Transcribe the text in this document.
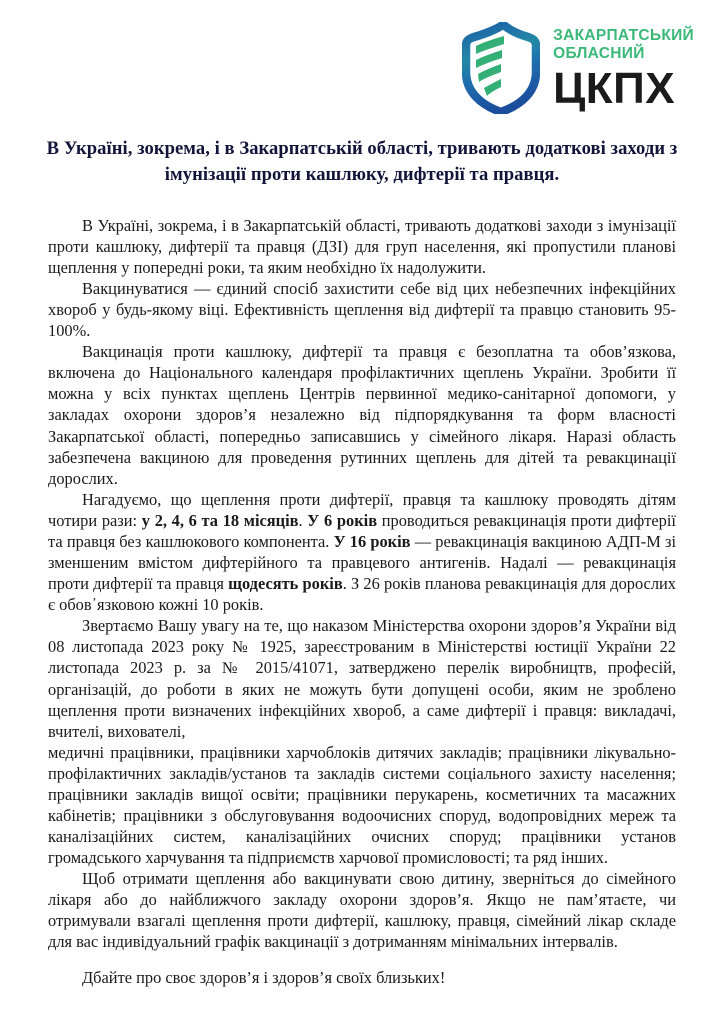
ЗАКАРПАТСЬКИЙ
ОБЛАСНИЙ
ЦКПХ
В Україні, зокрема, і в Закарпатській області, тривають додаткові заходи з імунізації проти кашлюку, дифтерії та правця.

В Україні, зокрема, і в Закарпатській області, тривають додаткові заходи з імунізації проти кашлюку, дифтерії та правця (ДЗІ) для груп населення, які пропустили планові щеплення у попередні роки, та яким необхідно їх надолужити.

Вакцинуватися — єдиний спосіб захистити себе від цих небезпечних інфекційних хвороб у будь-якому віці. Ефективність щеплення від дифтерії та правцю становить 95-100%.

Вакцинація проти кашлюку, дифтерії та правця є безоплатна та обов’язкова, включена до Національного календаря профілактичних щеплень України. Зробити її можна у всіх пунктах щеплень Центрів первинної медико-санітарної допомоги, у закладах охорони здоров’я незалежно від підпорядкування та форм власності Закарпатської області, попередньо записавшись у сімейного лікаря. Наразі область забезпечена вакциною для проведення рутинних щеплень для дітей та ревакцинації дорослих.

Нагадуємо, що щеплення проти дифтерії, правця та кашлюку проводять дітям чотири рази: у 2, 4, 6 та 18 місяців. У 6 років проводиться ревакцинація проти дифтерії та правця без кашлюкового компонента. У 16 років — ревакцинація вакциною АДП-М зі зменшеним вмістом дифтерійного та правцевого антигенів. Надалі — ревакцинація проти дифтерії та правця щодесять років. З 26 років планова ревакцинація для дорослих є обов᾿язковою кожні 10 років.

Звертаємо Вашу увагу на те, що наказом Міністерства охорони здоров’я України від 08 листопада 2023 року № 1925, зареєстрованим в Міністерстві юстиції України 22 листопада 2023 р. за № 2015/41071, затверджено перелік виробництв, професій, організацій, до роботи в яких не можуть бути допущені особи, яким не зроблено щеплення проти визначених інфекційних хвороб, а саме дифтерії і правця: викладачі, вчителі, вихователі,

медичні працівники, працівники харчоблоків дитячих закладів; працівники лікувально-профілактичних закладів/установ та закладів системи соціального захисту населення; працівники закладів вищої освіти; працівники перукарень, косметичних та масажних кабінетів; працівники з обслуговування водоочисних споруд, водопровідних мереж та каналізаційних систем, каналізаційних очисних споруд; працівники установ громадського харчування та підприємств харчової промисловості; та ряд інших.

Щоб отримати щеплення або вакцинувати свою дитину, зверніться до сімейного лікаря або до найближчого закладу охорони здоров’я. Якщо не пам’ятаєте, чи отримували взагалі щеплення проти дифтерії, кашлюку, правця, сімейний лікар складе для вас індивідуальний графік вакцинації з дотриманням мінімальних інтервалів.

Дбайте про своє здоров’я і здоров’я своїх близьких!
